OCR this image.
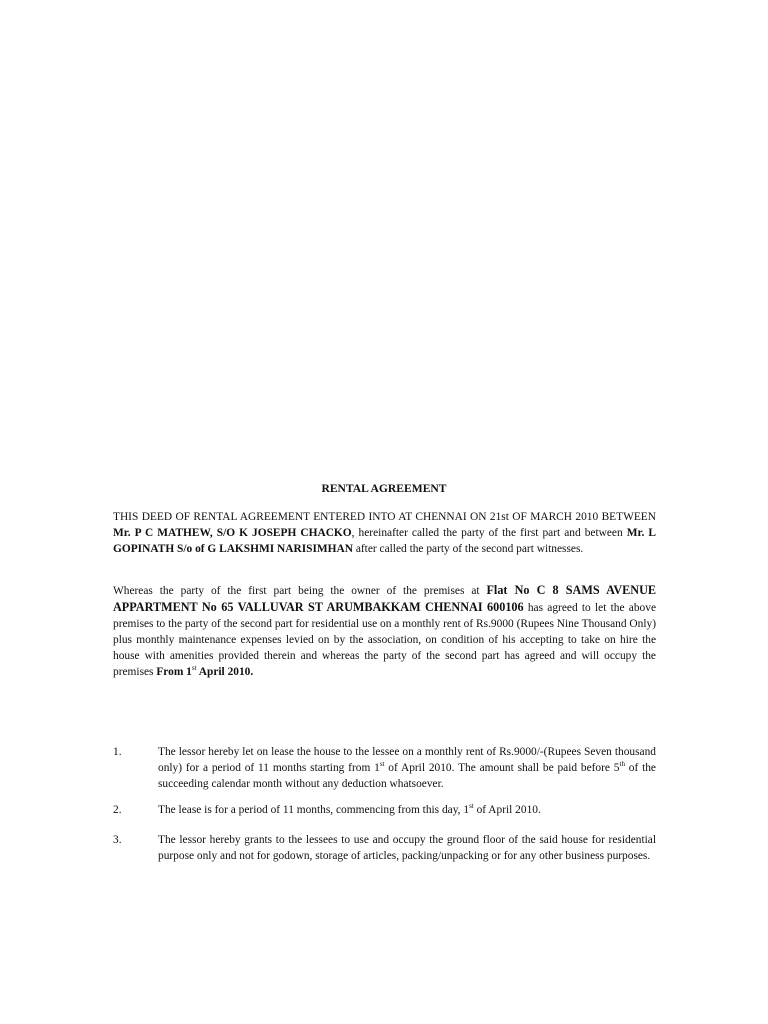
RENTAL AGREEMENT
THIS DEED OF RENTAL AGREEMENT ENTERED INTO AT CHENNAI ON 21st OF MARCH 2010 BETWEEN Mr. P C MATHEW, S/O K JOSEPH CHACKO, hereinafter called the party of the first part and between Mr. L GOPINATH S/o of G LAKSHMI NARISIMHAN after called the party of the second part witnesses.
Whereas the party of the first part being the owner of the premises at Flat No C 8 SAMS AVENUE APPARTMENT No 65 VALLUVAR ST ARUMBAKKAM CHENNAI 600106 has agreed to let the above premises to the party of the second part for residential use on a monthly rent of Rs.9000 (Rupees Nine Thousand Only) plus monthly maintenance expenses levied on by the association, on condition of his accepting to take on hire the house with amenities provided therein and whereas the party of the second part has agreed and will occupy the premises From 1st April 2010.
1.	The lessor hereby let on lease the house to the lessee on a monthly rent of Rs.9000/-(Rupees Seven thousand only) for a period of 11 months starting from 1st of April 2010. The amount shall be paid before 5th of the succeeding calendar month without any deduction whatsoever.
2.	The lease is for a period of 11 months, commencing from this day, 1st of April 2010.
3.	The lessor hereby grants to the lessees to use and occupy the ground floor of the said house for residential purpose only and not for godown, storage of articles, packing/unpacking or for any other business purposes.
